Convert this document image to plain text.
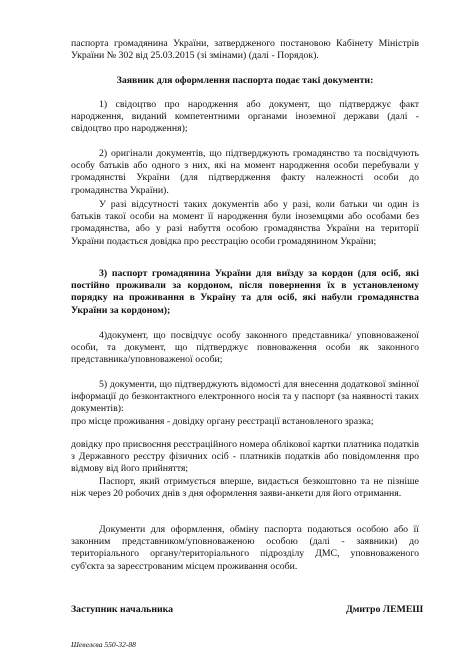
паспорта громадянина України, затвердженого постановою Кабінету Міністрів України № 302 від 25.03.2015 (зі змінами) (далі - Порядок).

Заявник для оформлення паспорта подає такі документи:

1) свідоцтво про народження або документ, що підтверджує факт народження, виданий компетентними органами іноземної держави (далі - свідоцтво про народження);

2) оригінали документів, що підтверджують громадянство та посвідчують особу батьків або одного з них, які на момент народження особи перебували у громадянстві України (для підтвердження факту належності особи до громадянства України).

У разі відсутності таких документів або у разі, коли батьки чи один із батьків такої особи на момент її народження були іноземцями або особами без громадянства, або у разі набуття особою громадянства України на території України подається довідка про реєстрацію особи громадянином України;

3) паспорт громадянина України для виїзду за кордон (для осіб, які постійно проживали за кордоном, після повернення їх в установленому порядку на проживання в Україну та для осіб, які набули громадянства України за кордоном);

4)документ, що посвідчує особу законного представника/ уповноваженої особи, та документ, що підтверджує повноваження особи як законного представника/уповноваженої особи;

5) документи, що підтверджують відомості для внесення додаткової змінної інформації до безконтактного електронного носія та у паспорт (за наявності таких документів):

про місце проживання - довідку органу реєстрації встановленого зразка;

довідку про присвоєння реєстраційного номера облікової картки платника податків з Державного реєстру фізичних осіб - платників податків або повідомлення про відмову від його прийняття;

Паспорт, який отримується вперше, видається безкоштовно та не пізніше ніж через 20 робочих днів з дня оформлення заяви-анкети для його отримання.

Документи для оформлення, обміну паспорта подаються особою або її законним представником/уповноваженою особою (далі - заявники) до територіального органу/територіального підрозділу ДМС, уповноваженого суб'єкта за зареєстрованим місцем проживання особи.

Заступник начальника	Дмитро ЛЕМЕШ
Шевелєва 550-32-88
